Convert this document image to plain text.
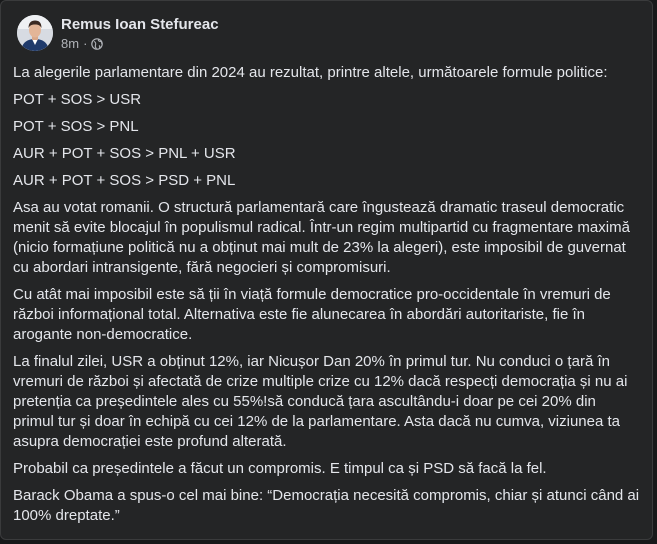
Remus Ioan Stefureac
8m ·

La alegerile parlamentare din 2024 au rezultat, printre altele, următoarele formule politice:

POT + SOS > USR

POT + SOS > PNL

AUR + POT + SOS > PNL + USR

AUR + POT + SOS > PSD + PNL

Asa au votat romanii. O structură parlamentară care îngustează dramatic traseul democratic menit să evite blocajul în populismul radical. Într-un regim multipartid cu fragmentare maximă (nicio formațiune politică nu a obținut mai mult de 23% la alegeri), este imposibil de guvernat cu abordari intransigente, fără negocieri și compromisuri.

Cu atât mai imposibil este să ții în viață formule democratice pro-occidentale în vremuri de război informațional total. Alternativa este fie alunecarea în abordări autoritariste, fie în arogante non-democratice.

La finalul zilei, USR a obținut 12%, iar Nicușor Dan 20% în primul tur. Nu conduci o țară în vremuri de război și afectată de crize multiple crize cu 12% dacă respecți democrația și nu ai pretenția ca președintele ales cu 55%!să conducă țara ascultându-i doar pe cei 20% din primul tur și doar în echipă cu cei 12% de la parlamentare. Asta dacă nu cumva, viziunea ta asupra democrației este profund alterată.

Probabil ca președintele a făcut un compromis. E timpul ca și PSD să facă la fel.

Barack Obama a spus-o cel mai bine: “Democrația necesită compromis, chiar și atunci când ai 100% dreptate.”
